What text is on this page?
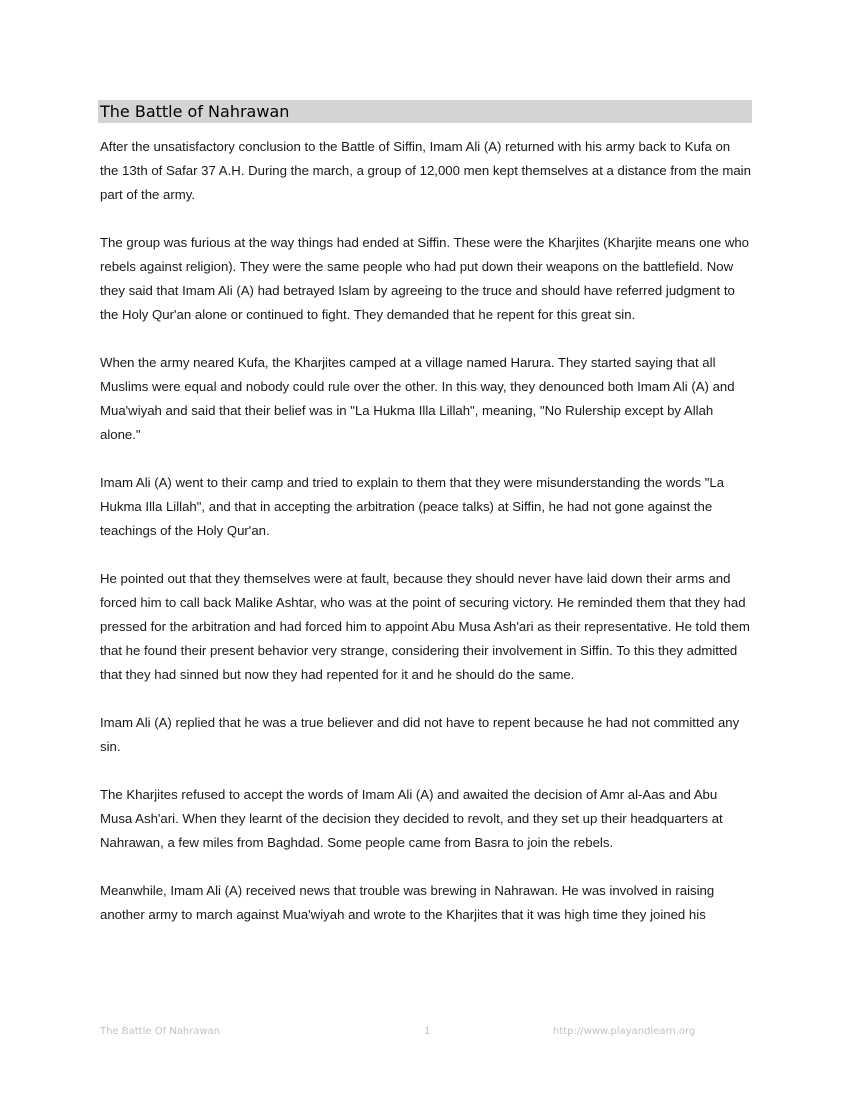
The Battle of Nahrawan

After the unsatisfactory conclusion to the Battle of Siffin, Imam Ali (A) returned with his army back to Kufa on the 13th of Safar 37 A.H. During the march, a group of 12,000 men kept themselves at a distance from the main part of the army.

The group was furious at the way things had ended at Siffin. These were the Kharjites (Kharjite means one who rebels against religion). They were the same people who had put down their weapons on the battlefield. Now they said that Imam Ali (A) had betrayed Islam by agreeing to the truce and should have referred judgment to the Holy Qur'an alone or continued to fight. They demanded that he repent for this great sin.

When the army neared Kufa, the Kharjites camped at a village named Harura. They started saying that all Muslims were equal and nobody could rule over the other. In this way, they denounced both Imam Ali (A) and Mua'wiyah and said that their belief was in "La Hukma Illa Lillah", meaning, "No Rulership except by Allah alone."

Imam Ali (A) went to their camp and tried to explain to them that they were misunderstanding the words "La Hukma Illa Lillah", and that in accepting the arbitration (peace talks) at Siffin, he had not gone against the teachings of the Holy Qur'an.

He pointed out that they themselves were at fault, because they should never have laid down their arms and forced him to call back Malike Ashtar, who was at the point of securing victory. He reminded them that they had pressed for the arbitration and had forced him to appoint Abu Musa Ash'ari as their representative. He told them that he found their present behavior very strange, considering their involvement in Siffin. To this they admitted that they had sinned but now they had repented for it and he should do the same.

Imam Ali (A) replied that he was a true believer and did not have to repent because he had not committed any sin.

The Kharjites refused to accept the words of Imam Ali (A) and awaited the decision of Amr al-Aas and Abu Musa Ash'ari. When they learnt of the decision they decided to revolt, and they set up their headquarters at Nahrawan, a few miles from Baghdad. Some people came from Basra to join the rebels.

Meanwhile, Imam Ali (A) received news that trouble was brewing in Nahrawan. He was involved in raising another army to march against Mua'wiyah and wrote to the Kharjites that it was high time they joined his

The Battle Of Nahrawan	1	http://www.playandlearn.org
